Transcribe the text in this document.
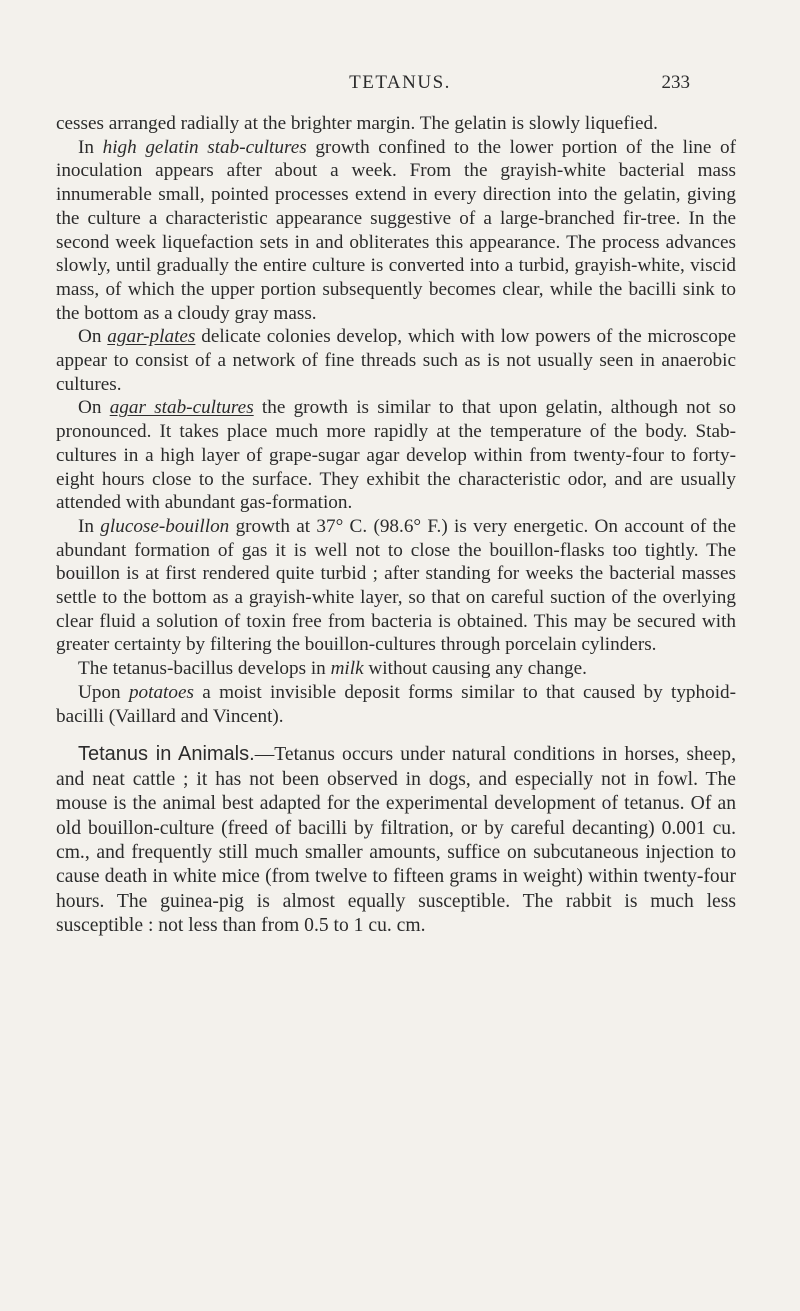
TETANUS.	233

cesses arranged radially at the brighter margin. The gelatin is slowly liquefied.

In high gelatin stab-cultures growth confined to the lower portion of the line of inoculation appears after about a week. From the grayish-white bacterial mass innumerable small, pointed processes extend in every direction into the gelatin, giving the culture a characteristic appearance suggestive of a large-branched fir-tree. In the second week liquefaction sets in and obliterates this appearance. The process advances slowly, until gradually the entire culture is converted into a turbid, grayish-white, viscid mass, of which the upper portion subsequently becomes clear, while the bacilli sink to the bottom as a cloudy gray mass.

On agar-plates delicate colonies develop, which with low powers of the microscope appear to consist of a network of fine threads such as is not usually seen in anaerobic cultures.

On agar stab-cultures the growth is similar to that upon gelatin, although not so pronounced. It takes place much more rapidly at the temperature of the body. Stab-cultures in a high layer of grape-sugar agar develop within from twenty-four to forty-eight hours close to the surface. They exhibit the characteristic odor, and are usually attended with abundant gas-formation.

In glucose-bouillon growth at 37° C. (98.6° F.) is very energetic. On account of the abundant formation of gas it is well not to close the bouillon-flasks too tightly. The bouillon is at first rendered quite turbid ; after standing for weeks the bacterial masses settle to the bottom as a grayish-white layer, so that on careful suction of the overlying clear fluid a solution of toxin free from bacteria is obtained. This may be secured with greater certainty by filtering the bouillon-cultures through porcelain cylinders.

The tetanus-bacillus develops in milk without causing any change.

Upon potatoes a moist invisible deposit forms similar to that caused by typhoid-bacilli (Vaillard and Vincent).

Tetanus in Animals.—Tetanus occurs under natural conditions in horses, sheep, and neat cattle ; it has not been observed in dogs, and especially not in fowl. The mouse is the animal best adapted for the experimental development of tetanus. Of an old bouillon-culture (freed of bacilli by filtration, or by careful decanting) 0.001 cu. cm., and frequently still much smaller amounts, suffice on subcutaneous injection to cause death in white mice (from twelve to fifteen grams in weight) within twenty-four hours. The guinea-pig is almost equally susceptible. The rabbit is much less susceptible : not less than from 0.5 to 1 cu. cm.
